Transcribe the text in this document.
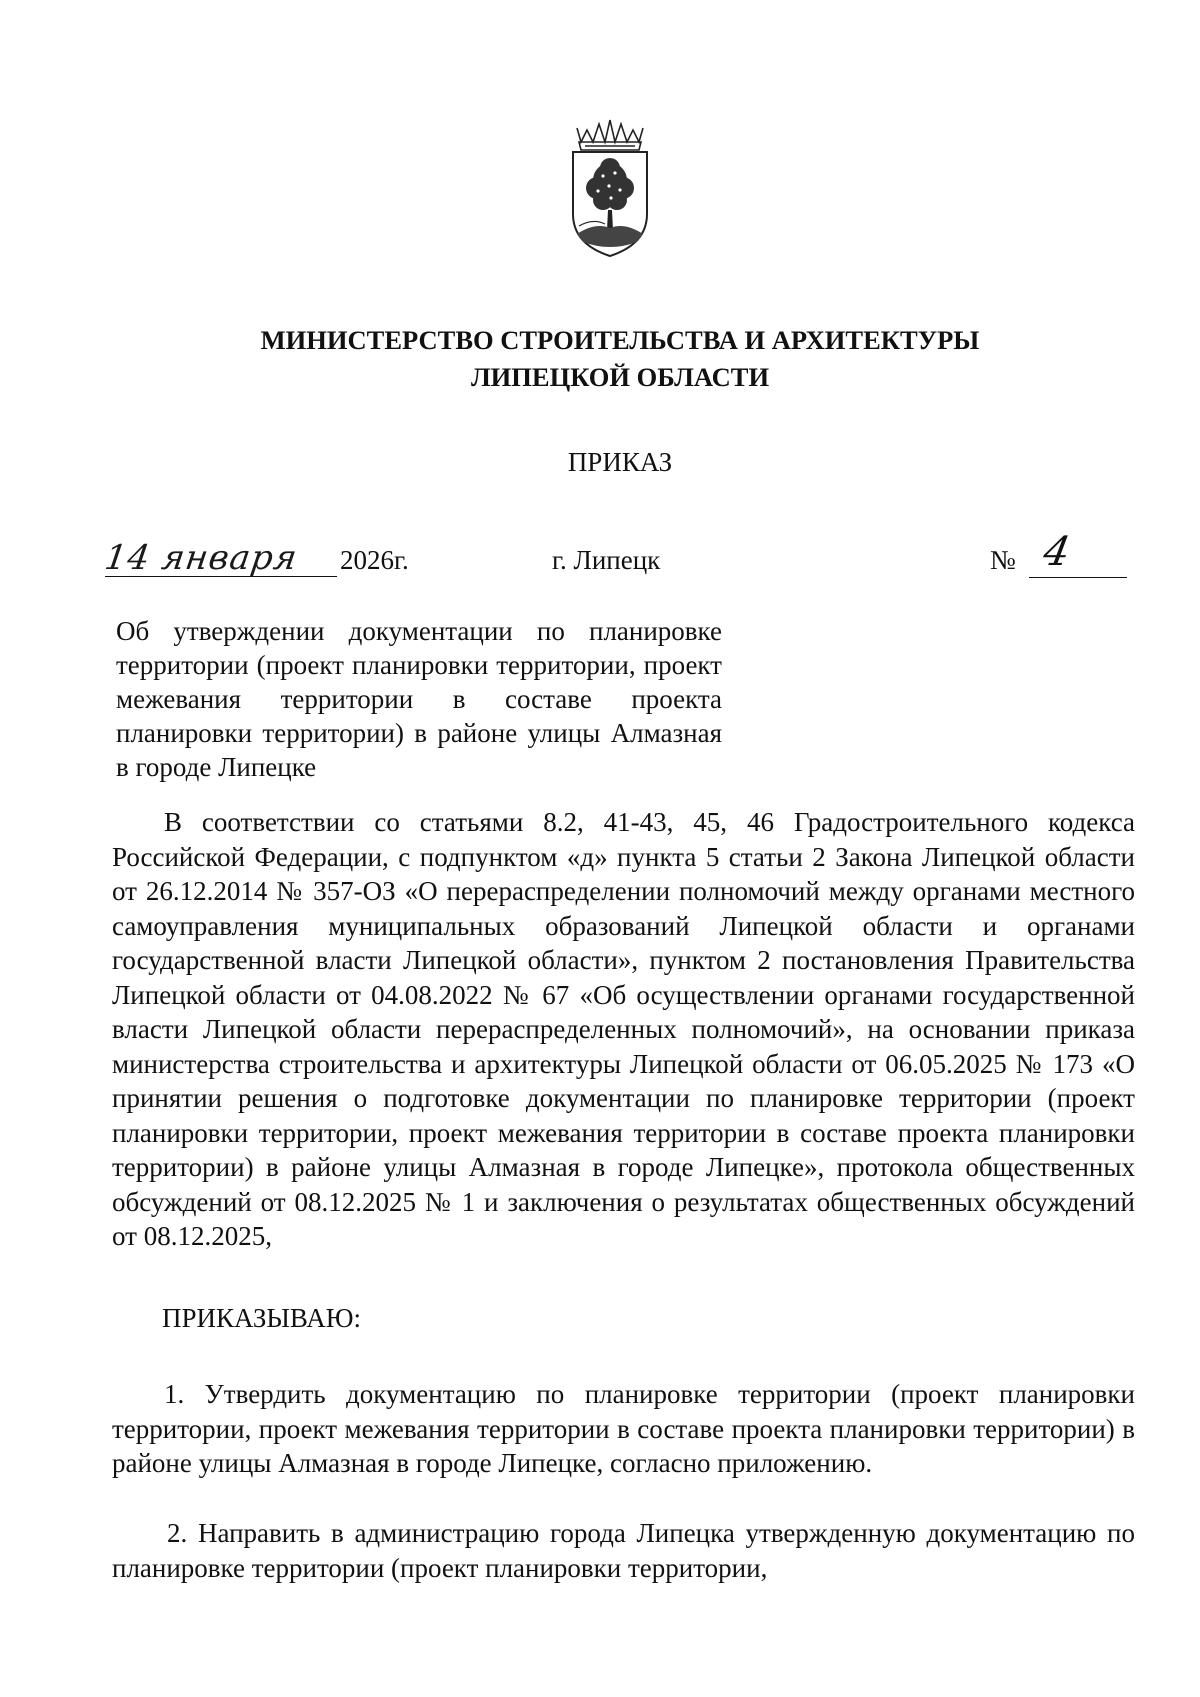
МИНИСТЕРСТВО СТРОИТЕЛЬСТВА И АРХИТЕКТУРЫ
ЛИПЕЦКОЙ ОБЛАСТИ
ПРИКАЗ
14 января 2026г.	г. Липецк	№ 4
Об утверждении документации по планировке территории (проект планировки территории, проект межевания территории в составе проекта планировки территории) в районе улицы Алмазная в городе Липецке
В соответствии со статьями 8.2, 41-43, 45, 46 Градостроительного кодекса Российской Федерации, с подпунктом «д» пункта 5 статьи 2 Закона Липецкой области от 26.12.2014 № 357-ОЗ «О перераспределении полномочий между органами местного самоуправления муниципальных образований Липецкой области и органами государственной власти Липецкой области», пунктом 2 постановления Правительства Липецкой области от 04.08.2022 № 67 «Об осуществлении органами государственной власти Липецкой области перераспределенных полномочий», на основании приказа министерства строительства и архитектуры Липецкой области от 06.05.2025 № 173 «О принятии решения о подготовке документации по планировке территории (проект планировки территории, проект межевания территории в составе проекта планировки территории) в районе улицы Алмазная в городе Липецке», протокола общественных обсуждений от 08.12.2025 № 1 и заключения о результатах общественных обсуждений от 08.12.2025,
ПРИКАЗЫВАЮ:
1. Утвердить документацию по планировке территории (проект планировки территории, проект межевания территории в составе проекта планировки территории) в районе улицы Алмазная в городе Липецке, согласно приложению.
2. Направить в администрацию города Липецка утвержденную документацию по планировке территории (проект планировки территории,
